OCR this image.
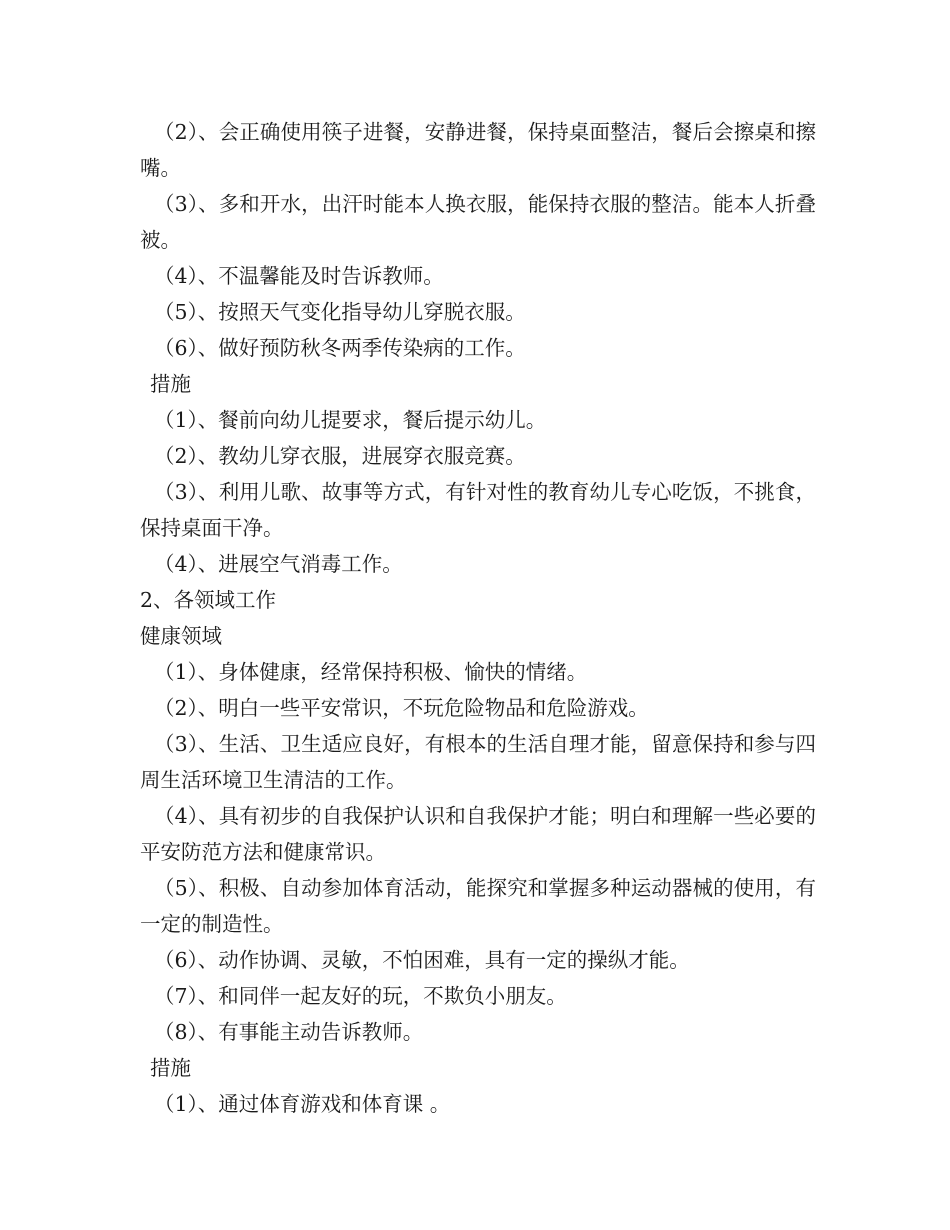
（2）、会正确使用筷子进餐，安静进餐，保持桌面整洁，餐后会擦桌和擦嘴。

（3）、多和开水，出汗时能本人换衣服，能保持衣服的整洁。能本人折叠被。

（4）、不温馨能及时告诉教师。

（5）、按照天气变化指导幼儿穿脱衣服。

（6）、做好预防秋冬两季传染病的工作。

措施

（1）、餐前向幼儿提要求，餐后提示幼儿。

（2）、教幼儿穿衣服，进展穿衣服竞赛。

（3）、利用儿歌、故事等方式，有针对性的教育幼儿专心吃饭，不挑食，保持桌面干净。

（4）、进展空气消毒工作。

2、各领域工作

健康领域

（1）、身体健康，经常保持积极、愉快的情绪。

（2）、明白一些平安常识，不玩危险物品和危险游戏。

（3）、生活、卫生适应良好，有根本的生活自理才能，留意保持和参与四周生活环境卫生清洁的工作。

（4）、具有初步的自我保护认识和自我保护才能；明白和理解一些必要的平安防范方法和健康常识。

（5）、积极、自动参加体育活动，能探究和掌握多种运动器械的使用，有一定的制造性。

（6）、动作协调、灵敏，不怕困难，具有一定的操纵才能。

（7）、和同伴一起友好的玩，不欺负小朋友。

（8）、有事能主动告诉教师。

措施

（1）、通过体育游戏和体育课 。
